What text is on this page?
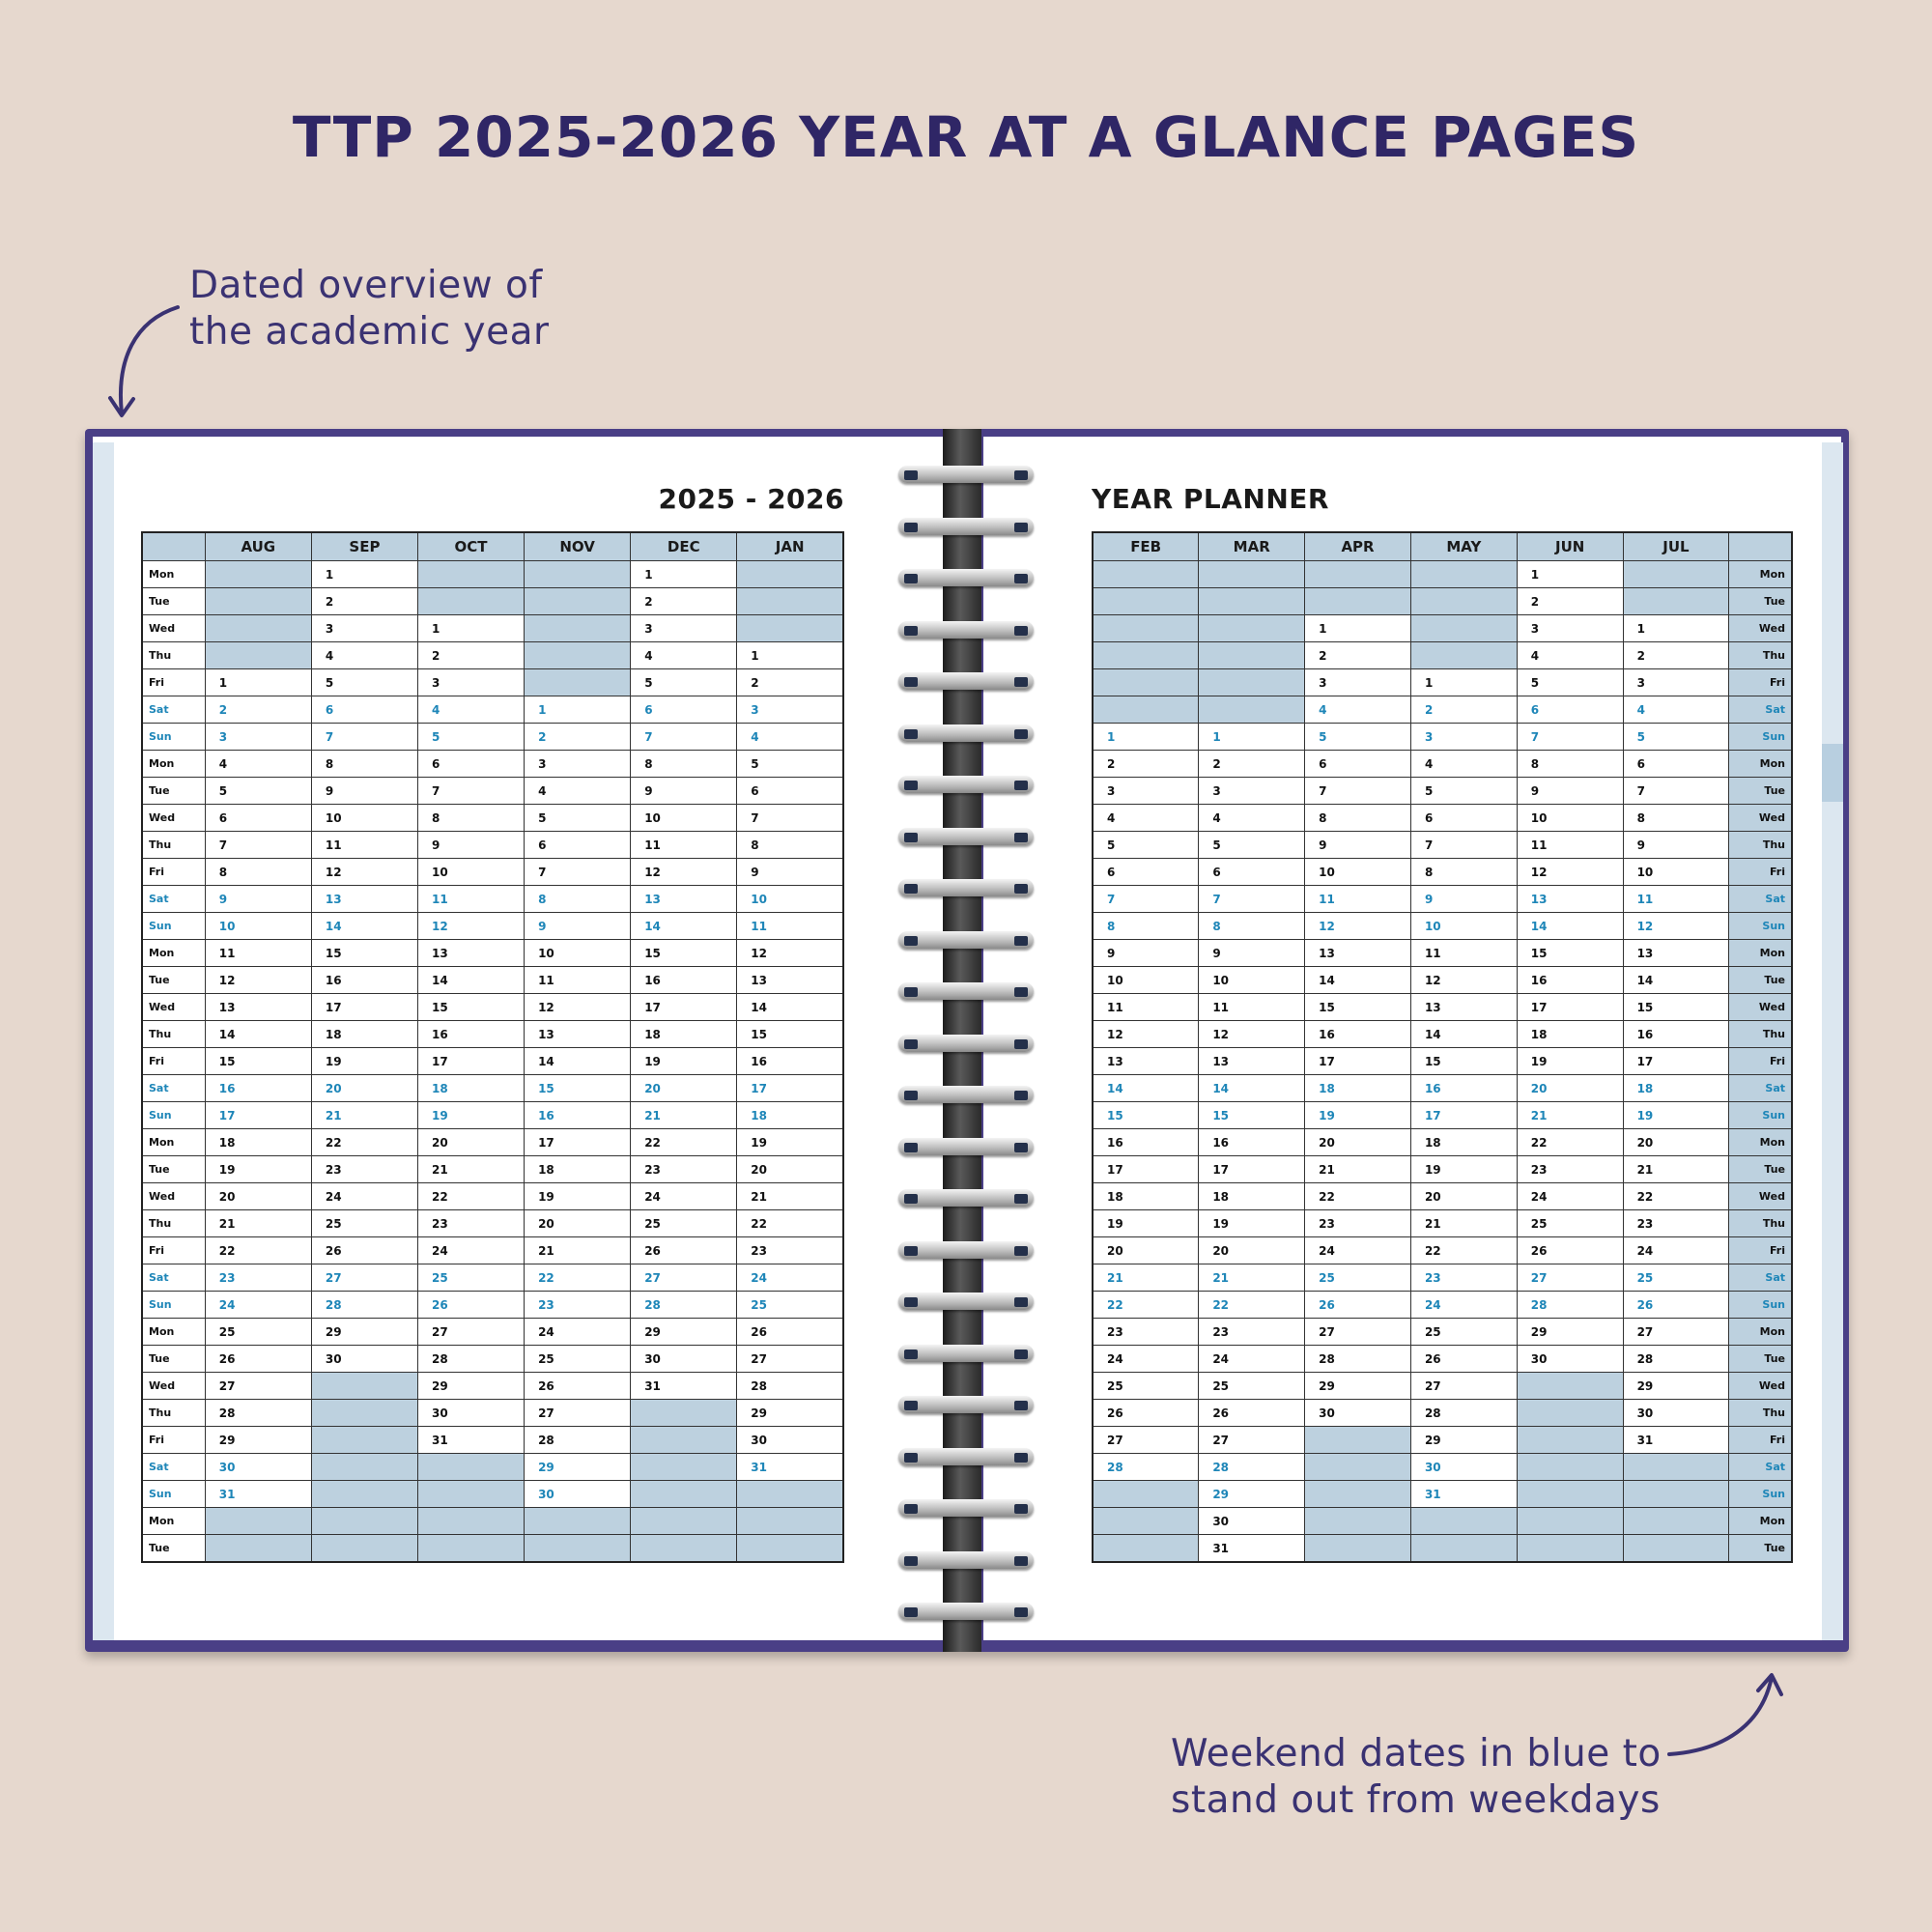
TTP 2025-2026 YEAR AT A GLANCE PAGES
Dated overview of
the academic year
Weekend dates in blue to
stand out from weekdays
2025 - 2026	YEAR PLANNER
	AUG	SEP	OCT	NOV	DEC	JAN
Mon		1			1	
Tue		2			2	
Wed		3	1		3	
Thu		4	2		4	1
Fri	1	5	3		5	2
Sat	2	6	4	1	6	3
Sun	3	7	5	2	7	4
Mon	4	8	6	3	8	5
Tue	5	9	7	4	9	6
Wed	6	10	8	5	10	7
Thu	7	11	9	6	11	8
Fri	8	12	10	7	12	9
Sat	9	13	11	8	13	10
Sun	10	14	12	9	14	11
Mon	11	15	13	10	15	12
Tue	12	16	14	11	16	13
Wed	13	17	15	12	17	14
Thu	14	18	16	13	18	15
Fri	15	19	17	14	19	16
Sat	16	20	18	15	20	17
Sun	17	21	19	16	21	18
Mon	18	22	20	17	22	19
Tue	19	23	21	18	23	20
Wed	20	24	22	19	24	21
Thu	21	25	23	20	25	22
Fri	22	26	24	21	26	23
Sat	23	27	25	22	27	24
Sun	24	28	26	23	28	25
Mon	25	29	27	24	29	26
Tue	26	30	28	25	30	27
Wed	27		29	26	31	28
Thu	28		30	27		29
Fri	29		31	28		30
Sat	30			29		31
Sun	31			30		
Mon						
Tue						
FEB	MAR	APR	MAY	JUN	JUL	
				1		Mon
				2		Tue
		1		3	1	Wed
		2		4	2	Thu
		3	1	5	3	Fri
		4	2	6	4	Sat
1	1	5	3	7	5	Sun
2	2	6	4	8	6	Mon
3	3	7	5	9	7	Tue
4	4	8	6	10	8	Wed
5	5	9	7	11	9	Thu
6	6	10	8	12	10	Fri
7	7	11	9	13	11	Sat
8	8	12	10	14	12	Sun
9	9	13	11	15	13	Mon
10	10	14	12	16	14	Tue
11	11	15	13	17	15	Wed
12	12	16	14	18	16	Thu
13	13	17	15	19	17	Fri
14	14	18	16	20	18	Sat
15	15	19	17	21	19	Sun
16	16	20	18	22	20	Mon
17	17	21	19	23	21	Tue
18	18	22	20	24	22	Wed
19	19	23	21	25	23	Thu
20	20	24	22	26	24	Fri
21	21	25	23	27	25	Sat
22	22	26	24	28	26	Sun
23	23	27	25	29	27	Mon
24	24	28	26	30	28	Tue
25	25	29	27		29	Wed
26	26	30	28		30	Thu
27	27		29		31	Fri
28	28		30			Sat
	29		31			Sun
	30					Mon
	31					Tue
